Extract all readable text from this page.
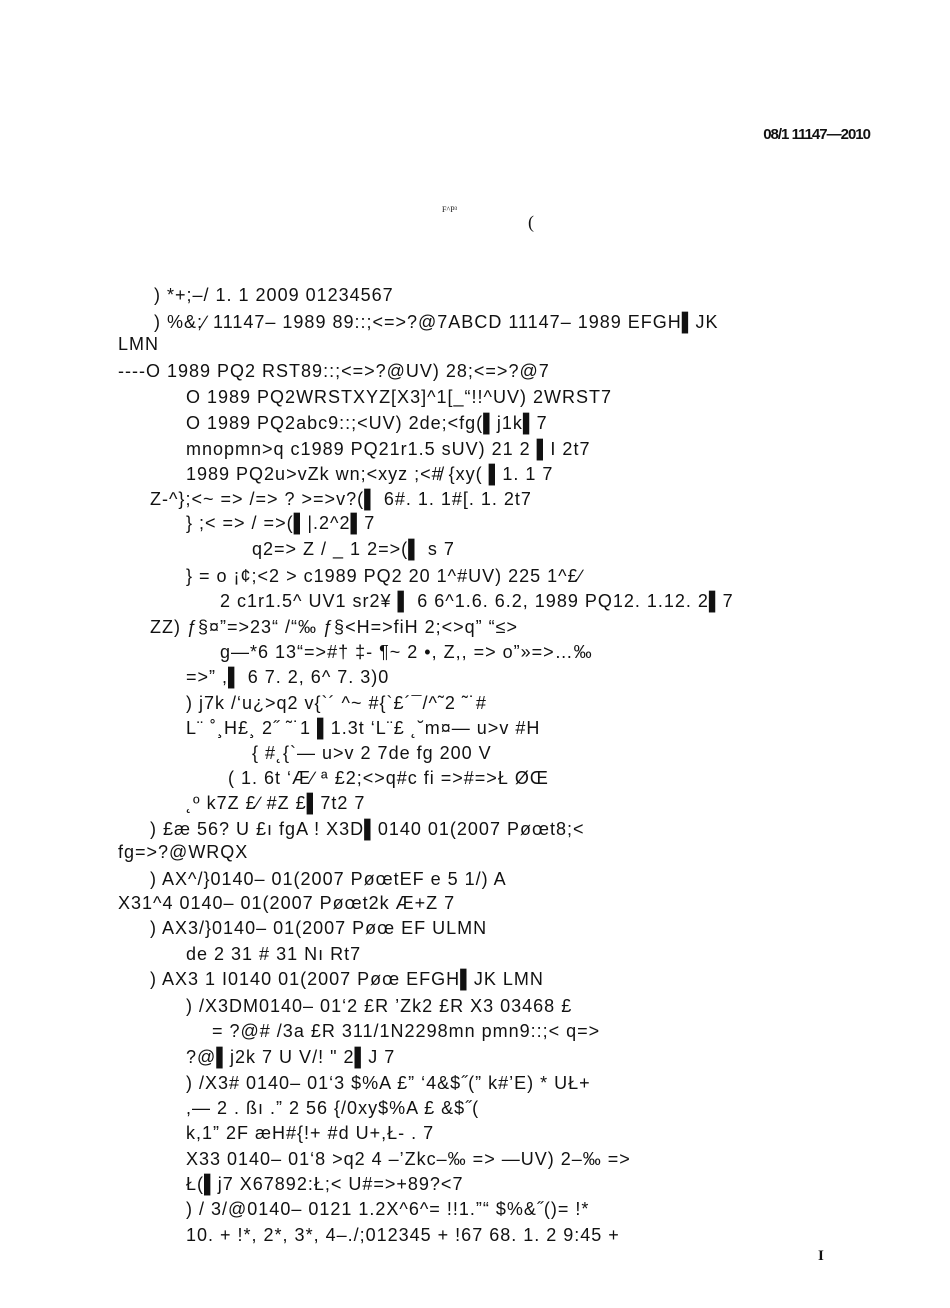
08/1 11147—2010
F^P³
(
) *+;–/ 1. 1 2009 01234567
) %&;∕ 11147– 1989 89::;<=>?@7ABCD 11147– 1989 EFGH▌JK
LMN
----O 1989 PQ2 RST89::;<=>?@UV) 28;<=>?@7
O 1989 PQ2WRSTXYZ[X3]^1[_“!!^UV) 2WRST7
O 1989 PQ2abc9::;<UV) 2de;<fg(▌j1k▌7
mnopmn>q c1989 PQ21r1.5 sUV) 21 2 ▌I 2t7
1989 PQ2u>vZk wn;<xyz ;<#̸ {xy( ▌1. 1 7
Z-^};<~ => /=> ? >=>v?(▌ 6#. 1. 1#[. 1. 2t7
} ;< => / =>(▌|.2^2▌7
q2=> Z / _ 1 2=>(▌ s 7
} = o ¡¢;<2 > c1989 PQ2 20 1^#UV) 225 1^£∕
2 c1r1.5^ UV1 sr2¥ ▌ 6 6^1.6. 6.2, 1989 PQ12. 1.12. 2▌7
ZZ) ƒ§¤”=>23“ /“‰ ƒ§<H=>fiH 2;<>q” “≤>
g—*6 13“=>#† ‡- ¶~ 2 •, Z,, => o”»=>…‰
=>” ,▌ 6 7. 2, 6^ 7. 3)0
) j7k /‘u¿>q2 v{`´ ^~ #{`£´¯/^˜2 ˜˙#
L¨ ˚¸H£¸ 2˝ ˜˙1 ▌1.3t ‘L¨£ ˛˘m¤— u>v #H
{ #˛{`— u>v 2 7de fg 200 V
( 1. 6t ‘Æ∕ ª £2;<>q#c fi =>#=>Ł ØŒ
˛º k7Z £∕ #Z £▌7t2 7
) £æ 56? U £ı fgA ! X3D▌0140 01(2007 Pøœt8;<
fg=>?@WRQX
) AX^/}0140– 01(2007 PøœtEF e 5 1/) A
X31^4 0140– 01(2007 Pøœt2k Æ+Z 7
) AX3/}0140– 01(2007 Pøœ EF ULMN
de 2 31 # 31 Nı Rt7
) AX3 1 I0140 01(2007 Pøœ EFGH▌JK LMN
) /X3DM0140– 01‘2 £R ’Zk2 £R X3 03468 £
= ?@# /3a £R 311/1N2298mn pmn9::;< q=>
?@▌j2k 7 U V/! " 2▌J 7
) /X3# 0140– 01‘3 $%A £” ‘4&$˝(” k#’E) * UŁ+
,— 2 . ßı .” 2 56 {/0xy$%A £ &$˝(
k,1” 2F æH#{!+ #d U+,Ł- . 7
X33 0140– 01‘8 >q2 4 –’Zkc–‰ => —UV) 2–‰ =>
Ł(▌j7 X67892:Ł;< U#=>+89?<7
) / 3/@0140– 0121 1.2X^6^= !!1.”“ $%&˝()= !*
10. + !*, 2*, 3*, 4–./;012345 + !67 68. 1. 2 9:45 +
I
